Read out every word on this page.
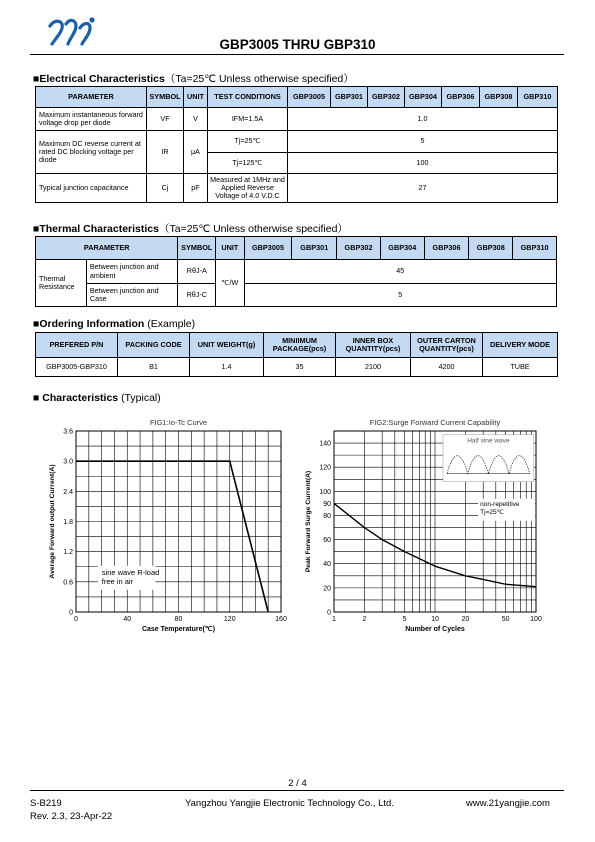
GBP3005 THRU GBP310
■Electrical Characteristics（Ta=25℃ Unless otherwise specified）
PARAMETER	SYMBOL	UNIT	TEST CONDITIONS	GBP3005	GBP301	GBP302	GBP304	GBP306	GBP308	GBP310
Maximum instantaneous forward voltage drop per diode	VF	V	IFM=1.5A	1.0						
Maximum DC reverse current at rated DC blocking voltage per diode	IR	μA	Tj=25℃	5						
			Tj=125℃	100						
Typical junction capacitance	Cj	pF	Measured at 1MHz and Applied Reverse Voltage of 4.0 V.D.C	27						
■Thermal Characteristics（Ta=25℃ Unless otherwise specified）
PARAMETER		SYMBOL	UNIT	GBP3005	GBP301	GBP302	GBP304	GBP306	GBP308	GBP310
Thermal Resistance	Between junction and ambient	RθJ-A	℃/W	45						
	Between junction and Case	RθJ-C		5						
■Ordering Information (Example)
PREFERED P/N	PACKING CODE	UNIT WEIGHT(g)	MINIIMUM PACKAGE(pcs)	INNER BOX QUANTITY(pcs)	OUTER CARTON QUANTITY(pcs)	DELIVERY MODE
GBP3005-GBP310	B1	1.4	35	2100	4200	TUBE
■ Characteristics (Typical)
FIG1:Io-Tc Curve
0	40	80	120	160
0
0.6
1.2
1.8
2.4
3.0
3.6
Case Temperature(℃)
Average Forward output Current(A)	sine wave R-load
free in air
FIG2:Surge Forward Current Capability
1	2	5	10	20	50	100
0
20
40
60
80
90
100
120
140
Number of Cycles
Peak Forward Surge Current(A)
Half sine wave
non-repetitive
Tj=25℃
2 / 4
S-B219	Yangzhou Yangjie Electronic Technology Co., Ltd.	www.21yangjie.com
Rev. 2.3, 23-Apr-22
